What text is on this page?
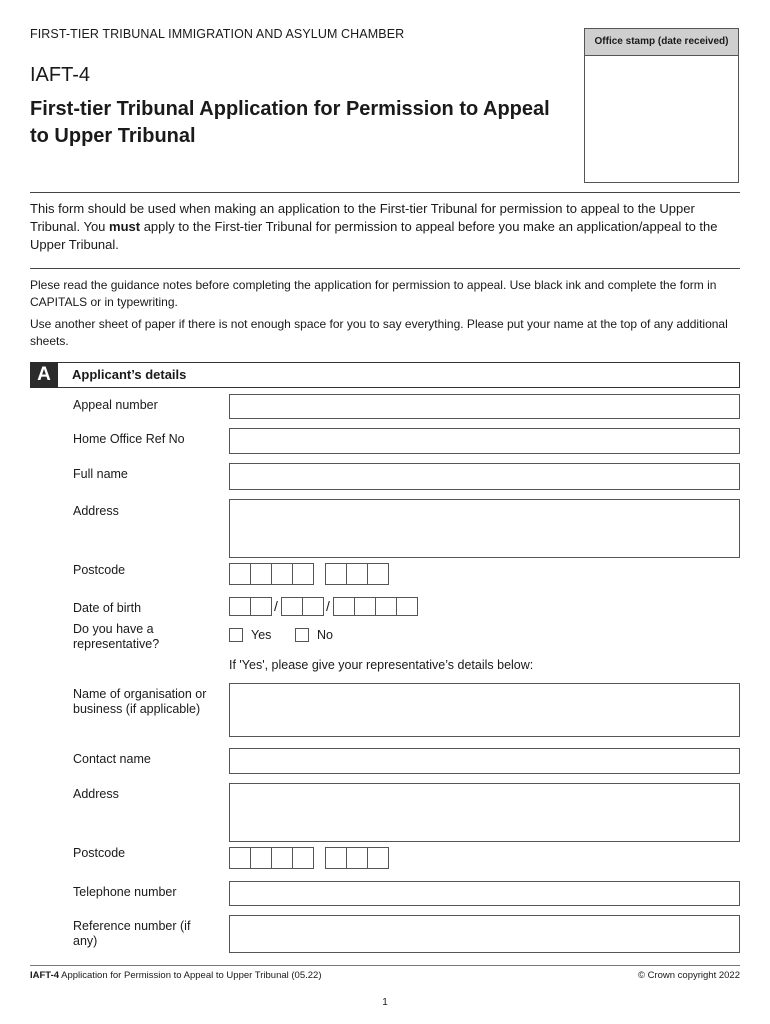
FIRST-TIER TRIBUNAL IMMIGRATION AND ASYLUM CHAMBER
Office stamp (date received)
IAFT-4
First-tier Tribunal Application for Permission to Appeal to Upper Tribunal
This form should be used when making an application to the First-tier Tribunal for permission to appeal to the Upper Tribunal. You must apply to the First-tier Tribunal for permission to appeal before you make an application/appeal to the Upper Tribunal.
Plese read the guidance notes before completing the application for permission to appeal. Use black ink and complete the form in CAPITALS or in typewriting.
Use another sheet of paper if there is not enough space for you to say everything. Please put your name at the top of any additional sheets.
A	Applicant’s details
Appeal number
Home Office Ref No
Full name
Address
Postcode
Date of birth	/	/
Do you have a representative?
Yes	No
If 'Yes', please give your representative’s details below:
Name of organisation or business (if applicable)
Contact name
Address
Postcode
Telephone number
Reference number (if any)
IAFT-4 Application for Permission to Appeal to Upper Tribunal (05.22)	© Crown copyright 2022
1
